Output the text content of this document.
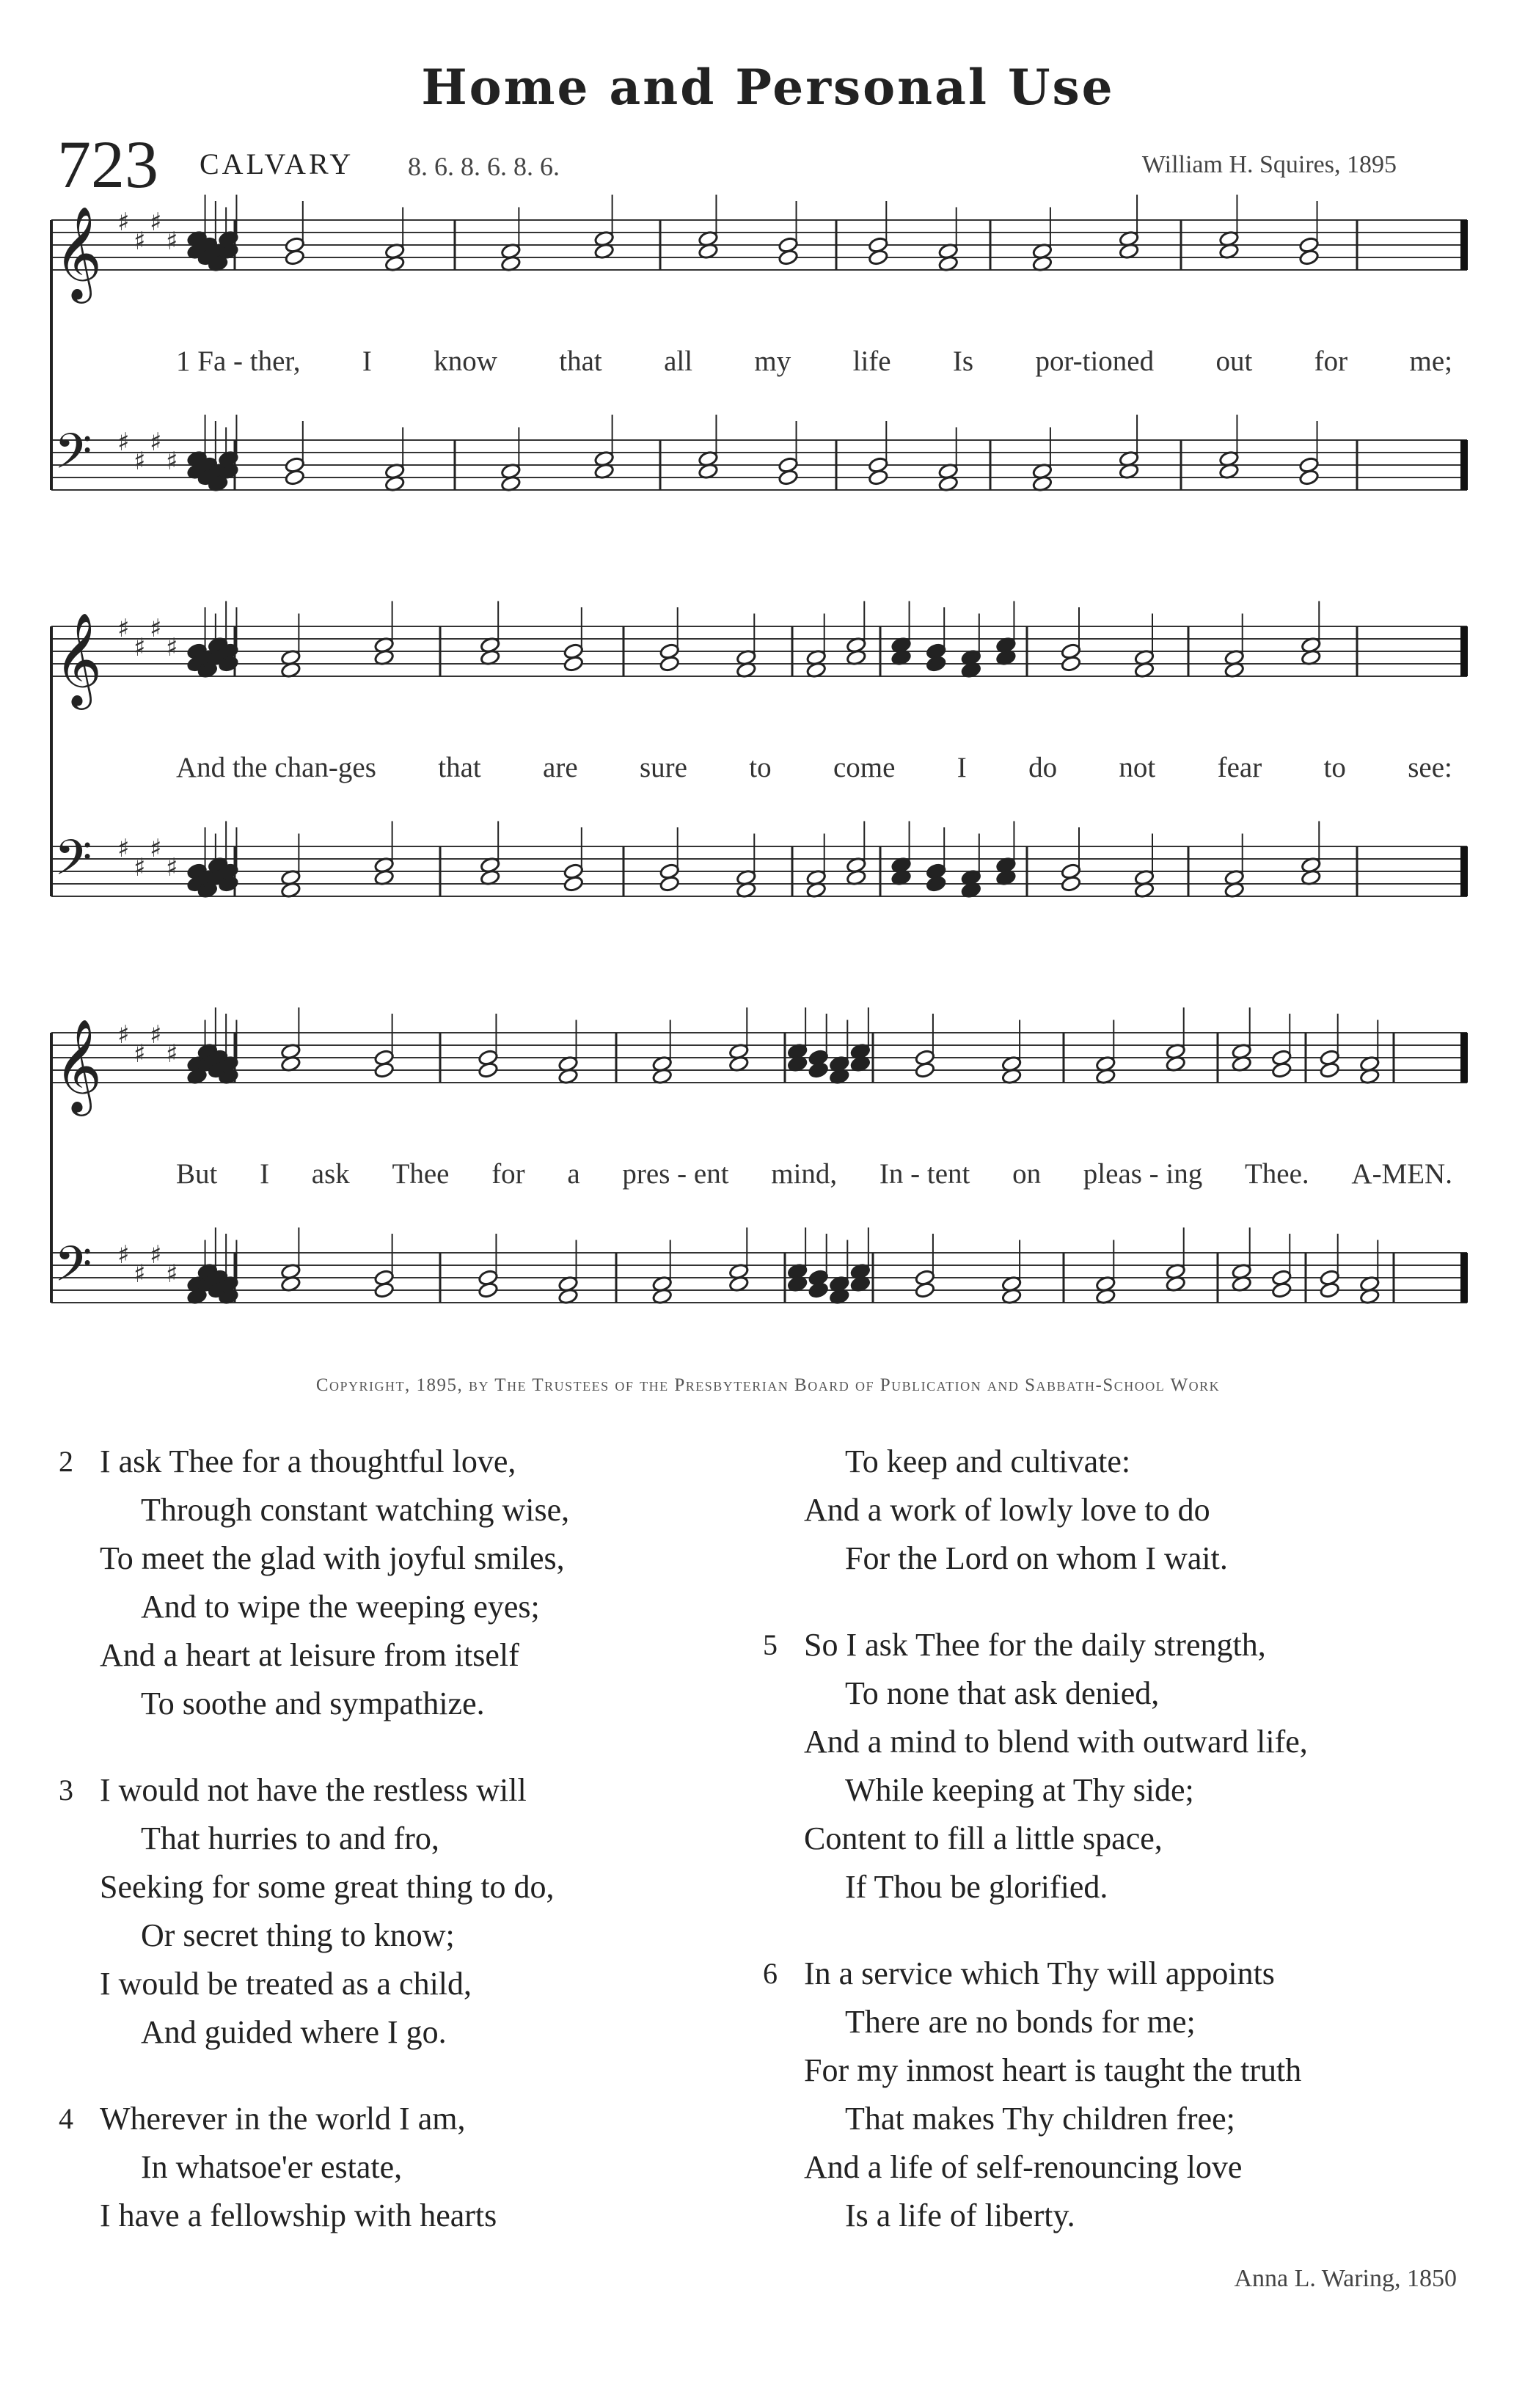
Home and Personal Use
723 CALVARY 8. 6. 8. 6. 8. 6.	William H. Squires, 1895
𝄞 ♯
♯
♯
♯
𝄢 ♯
♯
♯
♯
𝄞 ♯
♯
♯
♯
𝄢 ♯
♯
♯
♯
𝄞 ♯
♯
♯
♯
𝄢 ♯
♯
♯
♯
1 Fa - ther, I know that all my life Is por-tioned out for me;
And the chan-ges that are sure to come I do not fear to see:
But I ask Thee for a pres - ent mind, In - tent on pleas - ing Thee. A-MEN.
Copyright, 1895, by The Trustees of the Presbyterian Board of Publication and Sabbath-School Work
2 I ask Thee for a thoughtful love,
Through constant watching wise,
To meet the glad with joyful smiles,
And to wipe the weeping eyes;
And a heart at leisure from itself
To soothe and sympathize.
3 I would not have the restless will
That hurries to and fro,
Seeking for some great thing to do,
Or secret thing to know;
I would be treated as a child,
And guided where I go.
4 Wherever in the world I am,
In whatsoe'er estate,
I have a fellowship with hearts
To keep and cultivate:
And a work of lowly love to do
For the Lord on whom I wait.
5 So I ask Thee for the daily strength,
To none that ask denied,
And a mind to blend with outward life,
While keeping at Thy side;
Content to fill a little space,
If Thou be glorified.
6 In a service which Thy will appoints
There are no bonds for me;
For my inmost heart is taught the truth
That makes Thy children free;
And a life of self-renouncing love
Is a life of liberty.
Anna L. Waring, 1850
